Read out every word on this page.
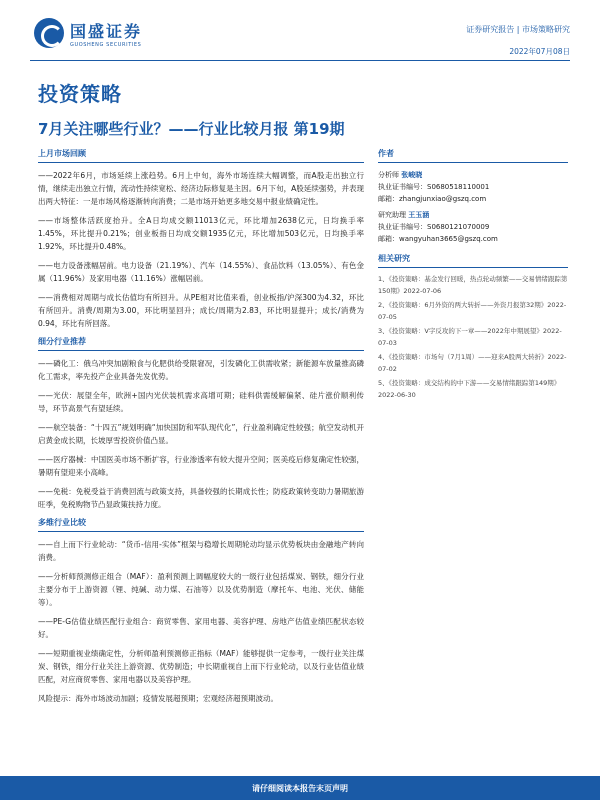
国盛证券
GUOSHENG SECURITIES
证券研究报告 | 市场策略研究
2022年07月08日
投资策略
7月关注哪些行业？——行业比较月报 第19期
上月市场回顾

——2022年6月，市场延续上涨趋势。6月上中旬，海外市场连续大幅调整，而A股走出独立行情，继续走出独立行情，流动性持续宽松、经济边际修复是主因。6月下旬，A股延续强势，并表现出两大特征：一是市场风格逐渐转向消费；二是市场开始更多地交易中报业绩确定性。

——市场整体活跃度抬升。全A日均成交额11013亿元，环比增加2638亿元，日均换手率1.45%，环比提升0.21%；创业板指日均成交额1935亿元，环比增加503亿元，日均换手率1.92%，环比提升0.48%。

——电力设备涨幅居前。电力设备（21.19%）、汽车（14.55%）、食品饮料（13.05%）、有色金属（11.96%）及家用电器（11.16%）涨幅居前。

——消费相对周期与成长估值均有所回升。从PE相对比值来看，创业板指/沪深300为4.32，环比有所回升。消费/周期为3.00，环比明显回升；成长/周期为2.83，环比明显提升；成长/消费为0.94，环比有所回落。

细分行业推荐

——磷化工：俄乌冲突加剧粮食与化肥供给受限窘况，引发磷化工供需收紧；新能源车放量推高磷化工需求，率先投产企业具备先发优势。

——光伏：展望全年，欧洲+国内光伏装机需求高增可期；硅料供需缓解偏紧、硅片涨价顺利传导，环节高景气有望延续。

——航空装备：“十四五”规划明确“加快国防和军队现代化”，行业盈利确定性较强；航空发动机开启黄金成长期，长坡厚雪投资价值凸显。

——医疗器械：中国医美市场不断扩容，行业渗透率有较大提升空间；医美疫后修复确定性较强，暑期有望迎来小高峰。

——免税：免税受益于消费回流与政策支持，具备较强的长期成长性；防疫政策转变助力暑期旅游旺季，免税购物节凸显政策扶持力度。

多维行业比较

——自上而下行业轮动：“货币-信用-实体”框架与稳增长周期轮动均显示优势板块由金融地产转向消费。

——分析师预测修正组合（MAF）：盈利预测上调幅度较大的一级行业包括煤炭、钢铁，细分行业主要分布于上游资源（锂、纯碱、动力煤、石油等）以及优势制造（摩托车、电池、光伏、储能等）。

——PE-G估值业绩匹配行业组合：商贸零售、家用电器、美容护理、房地产估值业绩匹配状态较好。

——短期重视业绩确定性，分析师盈利预测修正指标（MAF）能够提供一定参考，一级行业关注煤炭、钢铁，细分行业关注上游资源、优势制造；中长期重视自上而下行业轮动，以及行业估值业绩匹配，对应商贸零售、家用电器以及美容护理。

风险提示：海外市场波动加剧；疫情发展超预期；宏观经济超预期波动。

作者
分析师 张峻晓
执业证书编号：S0680518110001
邮箱：zhangjunxiao@gszq.com
研究助理 王玉涵
执业证书编号：S0680121070009
邮箱：wangyuhan3665@gszq.com
相关研究
1、《投资策略：基金发行回暖，热点轮动频繁——交易情绪跟踪第150期》2022-07-06
2、《投资策略：6月外资的两大转折——外资月报第32期》2022-07-05
3、《投资策略：V字反攻的下一章——2022年中期展望》2022-07-03
4、《投资策略：市场句（7月1周）——迎来A股两大转折》2022-07-02
5、《投资策略：成交结构的中下游——交易情绪跟踪第149期》2022-06-30
请仔细阅读本报告末页声明
